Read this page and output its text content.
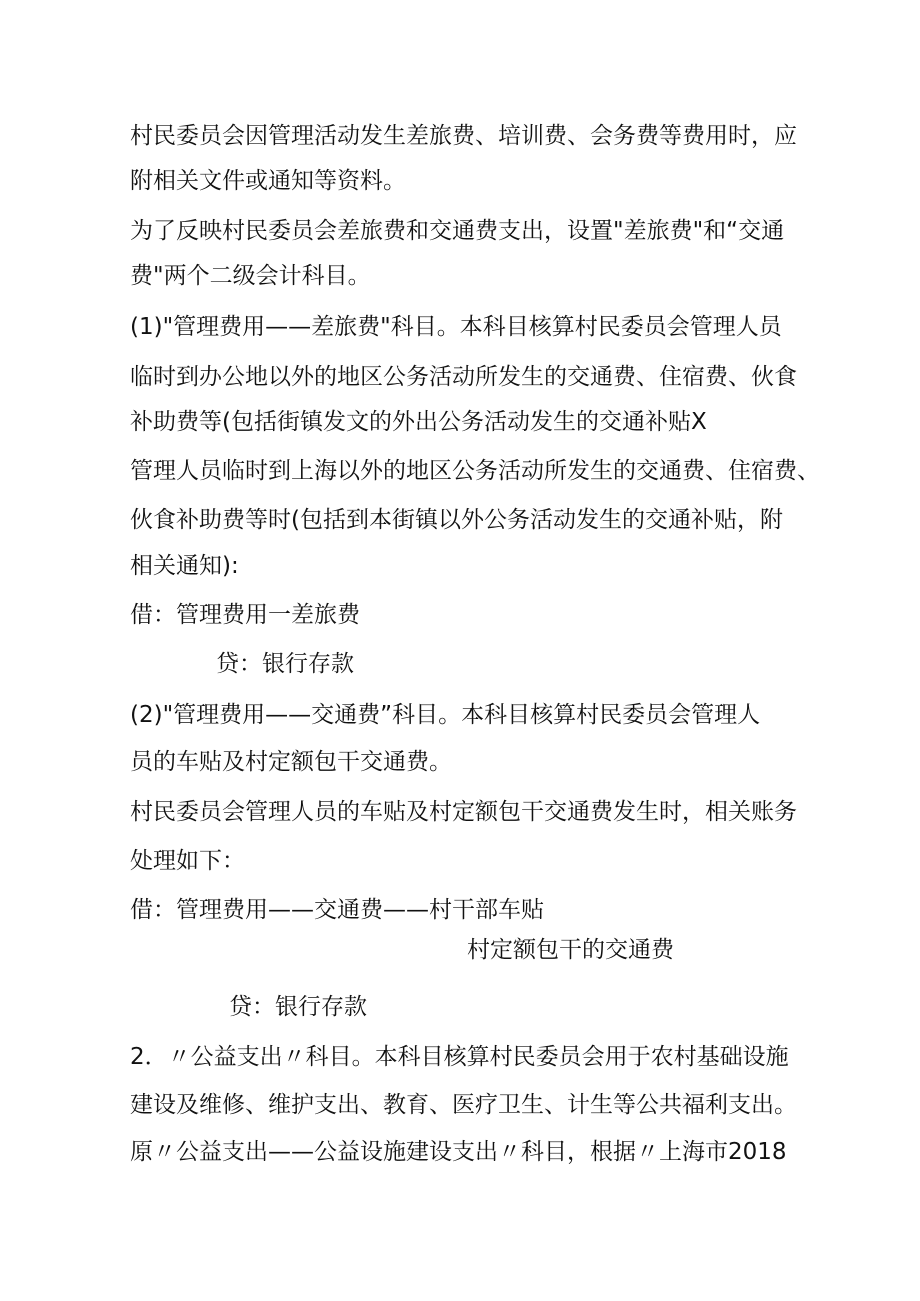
村民委员会因管理活动发生差旅费、培训费、会务费等费用时，应
附相关文件或通知等资料。
为了反映村民委员会差旅费和交通费支出，设置"差旅费"和“交通
费"两个二级会计科目。
(1)"管理费用——差旅费"科目。本科目核算村民委员会管理人员
临时到办公地以外的地区公务活动所发生的交通费、住宿费、伙食
补助费等(包括街镇发文的外出公务活动发生的交通补贴X
管理人员临时到上海以外的地区公务活动所发生的交通费、住宿费、
伙食补助费等时(包括到本街镇以外公务活动发生的交通补贴，附
相关通知):
借：管理费用一差旅费
贷：银行存款
(2)"管理费用——交通费”科目。本科目核算村民委员会管理人
员的车贴及村定额包干交通费。
村民委员会管理人员的车贴及村定额包干交通费发生时，相关账务
处理如下：
借：管理费用——交通费——村干部车贴
村定额包干的交通费
贷：银行存款
2．〃公益支出〃科目。本科目核算村民委员会用于农村基础设施
建设及维修、维护支出、教育、医疗卫生、计生等公共福利支出。
原〃公益支出——公益设施建设支出〃科目，根据〃上海市2018
